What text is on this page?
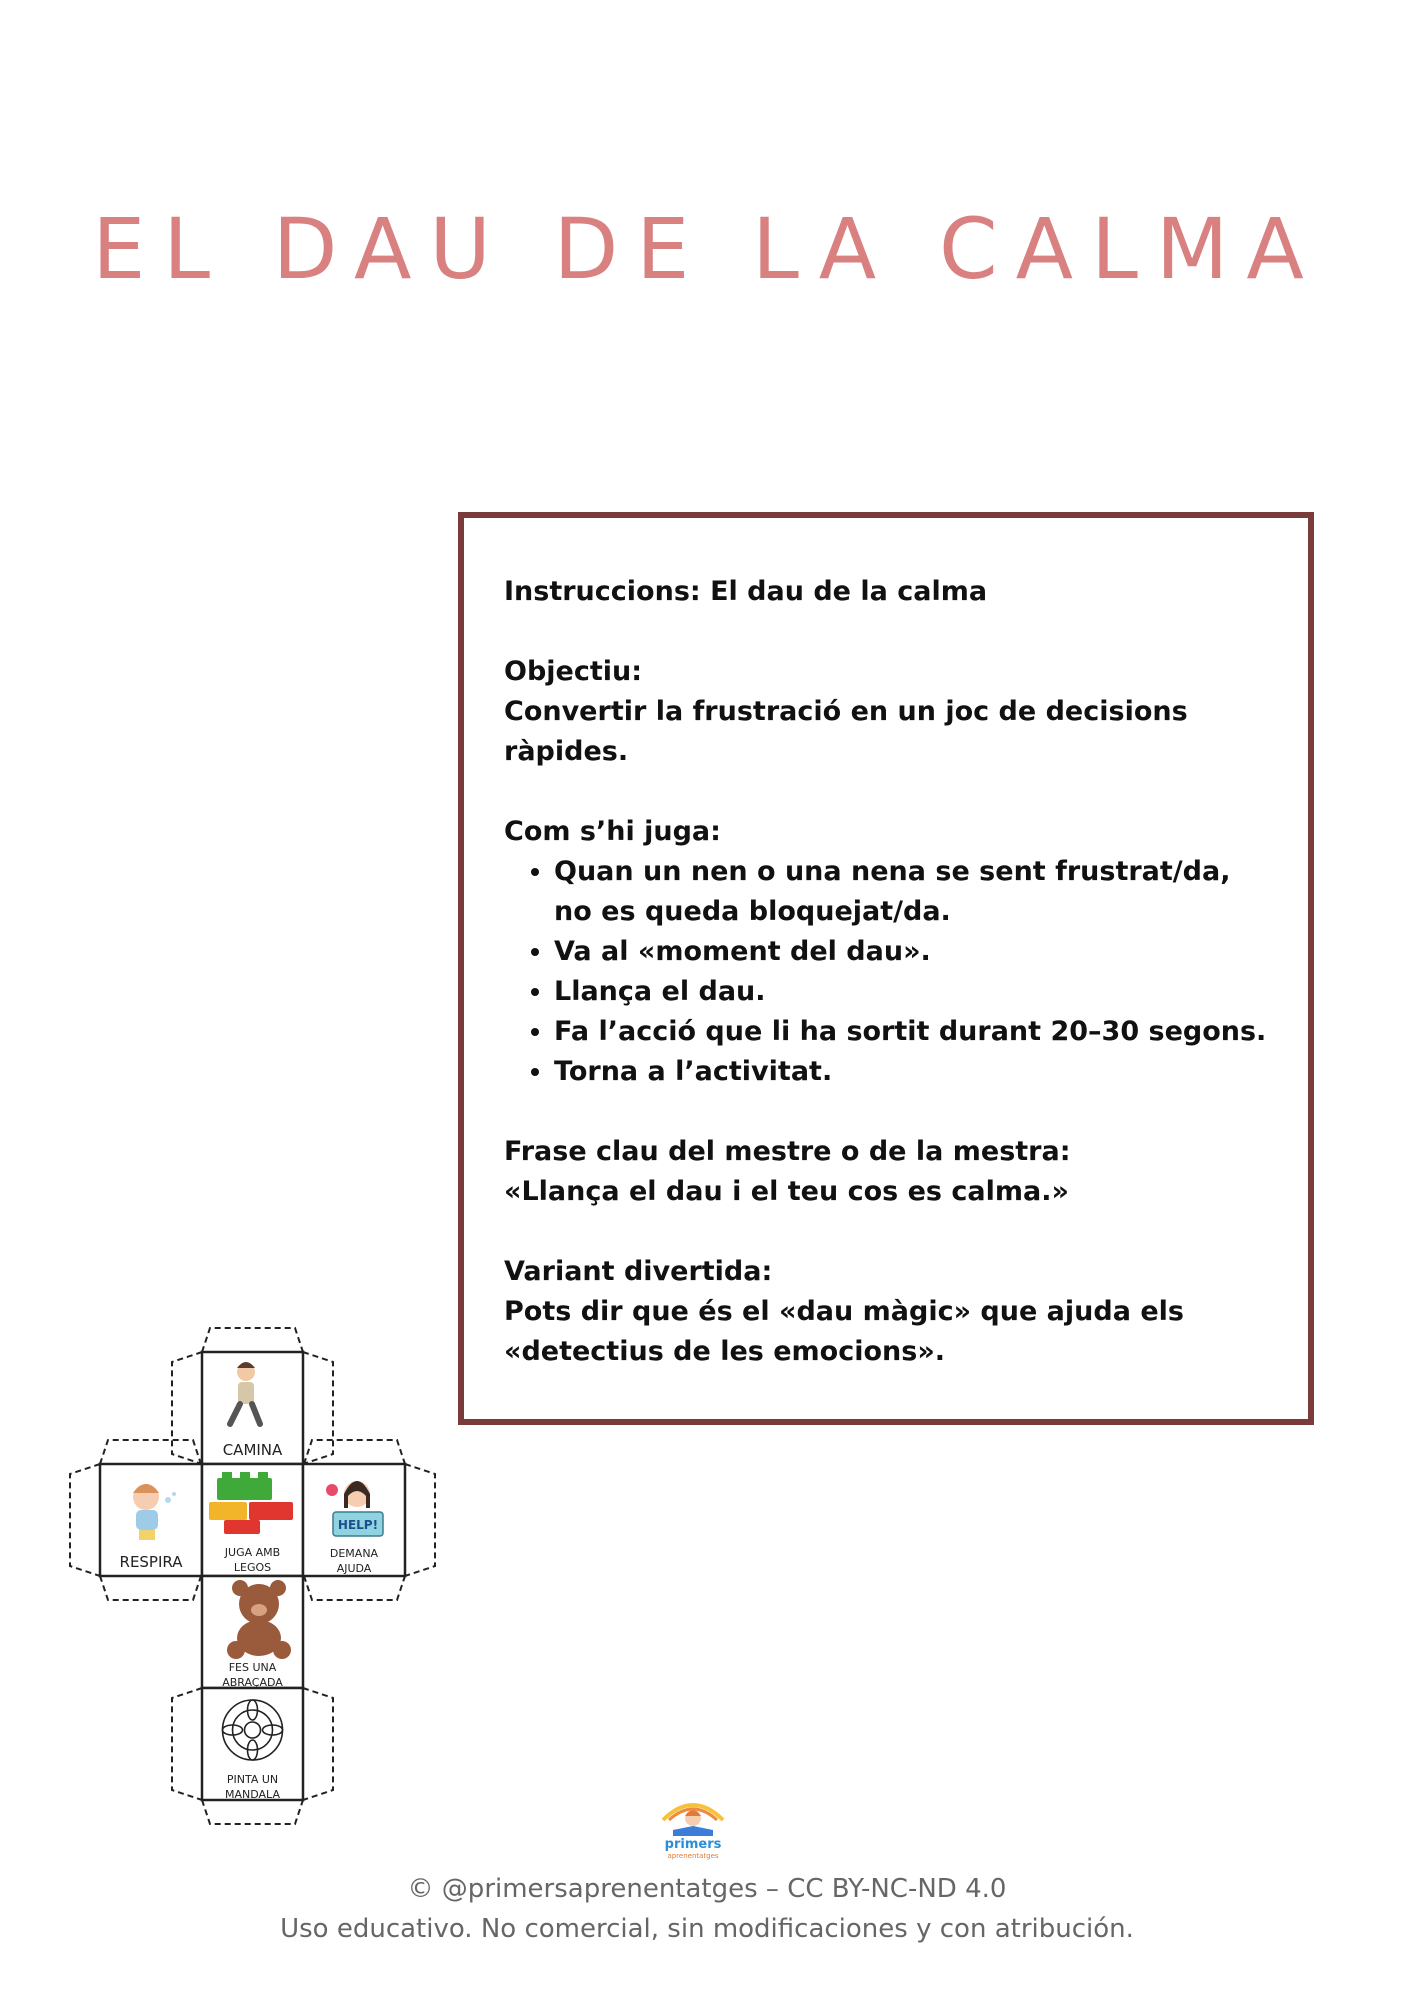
EL DAU DE LA CALMA

Instruccions: El dau de la calma

Objectiu:

Convertir la frustració en un joc de decisions ràpides.

Com s’hi juga:

• Quan un nen o una nena se sent frustrat/da, no es queda bloquejat/da.
• Va al «moment del dau».
• Llança el dau.
• Fa l’acció que li ha sortit durant 20–30 segons.
• Torna a l’activitat.

Frase clau del mestre o de la mestra:

«Llança el dau i el teu cos es calma.»

Variant divertida:

Pots dir que és el «dau màgic» que ajuda els «detectius de les emocions».

CAMINA
RESPIRA
JUGA AMB
LEGOS
HELP!
DEMANA
AJUDA
FES UNA
ABRAÇADA
PINTA UN
MANDALA
primers
aprenentatges
© @primersaprenentatges – CC BY-NC-ND 4.0
Uso educativo. No comercial, sin modificaciones y con atribución.
